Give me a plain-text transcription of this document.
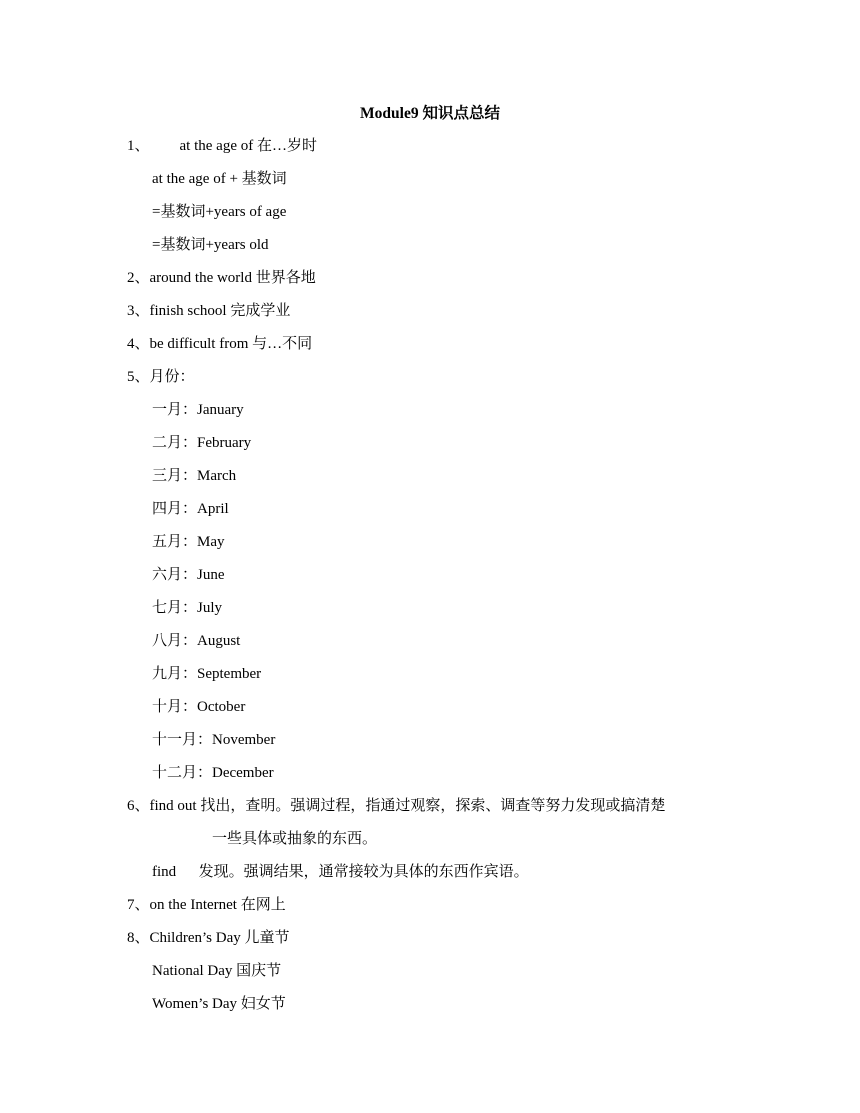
Module9 知识点总结
1、 at the age of 在…岁时
at the age of + 基数词
=基数词+years of age
=基数词+years old
2、around the world 世界各地
3、finish school 完成学业
4、be difficult from 与…不同
5、月份：
一月：January
二月：February
三月：March
四月：April
五月：May
六月：June
七月：July
八月：August
九月：September
十月：October
十一月：November
十二月：December
6、find out 找出，查明。强调过程，指通过观察，探索、调查等努力发现或搞清楚
一些具体或抽象的东西。
find      发现。强调结果，通常接较为具体的东西作宾语。
7、on the Internet 在网上
8、Children’s Day 儿童节
National Day 国庆节
Women’s Day 妇女节
